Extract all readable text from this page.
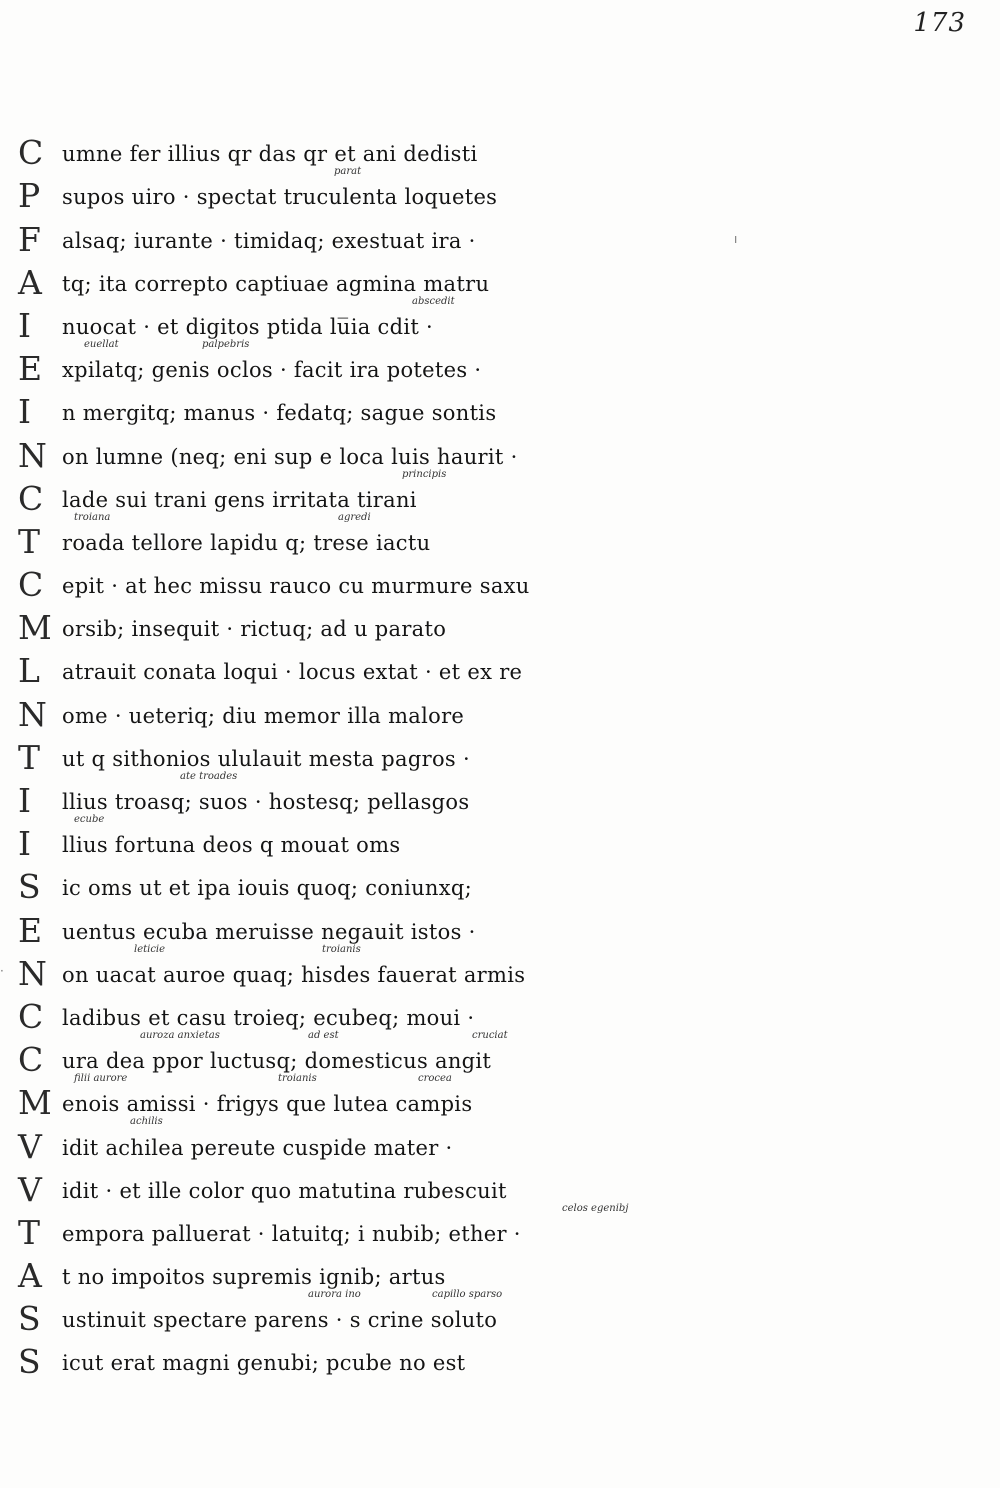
173
ı
·
C umne fer illius qr das qr et ani dedisti
P	supos uiro · spectat truculenta loquetes
parat
F	alsaq; iurante · timidaq; exestuat ira ·
A tq; ita correpto captiuae agmina matru
I	nuocat · et digitos ptida lu̅ia cdit ·
abscedit
E xpilatq; genis oclos · facit ira potetes ·
euellat	palpebris
I	n mergitq; manus · fedatq; sague sontis
N on lumne (neq; eni sup e loca luis haurit ·
C lade sui trani gens irritata tirani
principis
T	roada tellore lapidu q; trese iactu
troiana	agredi
C epit · at hec missu rauco cu murmure saxu
M orsib; insequit · rictuq; ad u parato
L	atrauit conata loqui · locus extat · et ex re
N ome · ueteriq; diu memor illa malore
T	ut q sithonios ululauit mesta pagros ·
I	llius troasq; suos · hostesq; pellasgos
ate troades
I	llius fortuna deos q mouat oms
ecube
S	ic oms ut et ipa iouis quoq; coniunxq;
E uentus ecuba meruisse negauit istos ·
N on uacat auroe quaq; hisdes fauerat armis
leticie	troianis
C ladibus et casu troieq; ecubeq; moui ·
C ura dea ppor luctusq; domesticus angit
auroza anxietas	ad est	cruciat
M enois amissi · frigys que lutea campis
filii aurore	troianis	crocea
V idit achilea pereute cuspide mater ·
achilis
V idit · et ille color quo matutina rubescuit
T	empora palluerat · latuitq; i nubib; ether ·
celos egenibj
A t no impoitos supremis ignib; artus
S	ustinuit spectare parens · s crine soluto
aurora ino	capillo sparso
S	icut erat magni genubi; pcube no est
